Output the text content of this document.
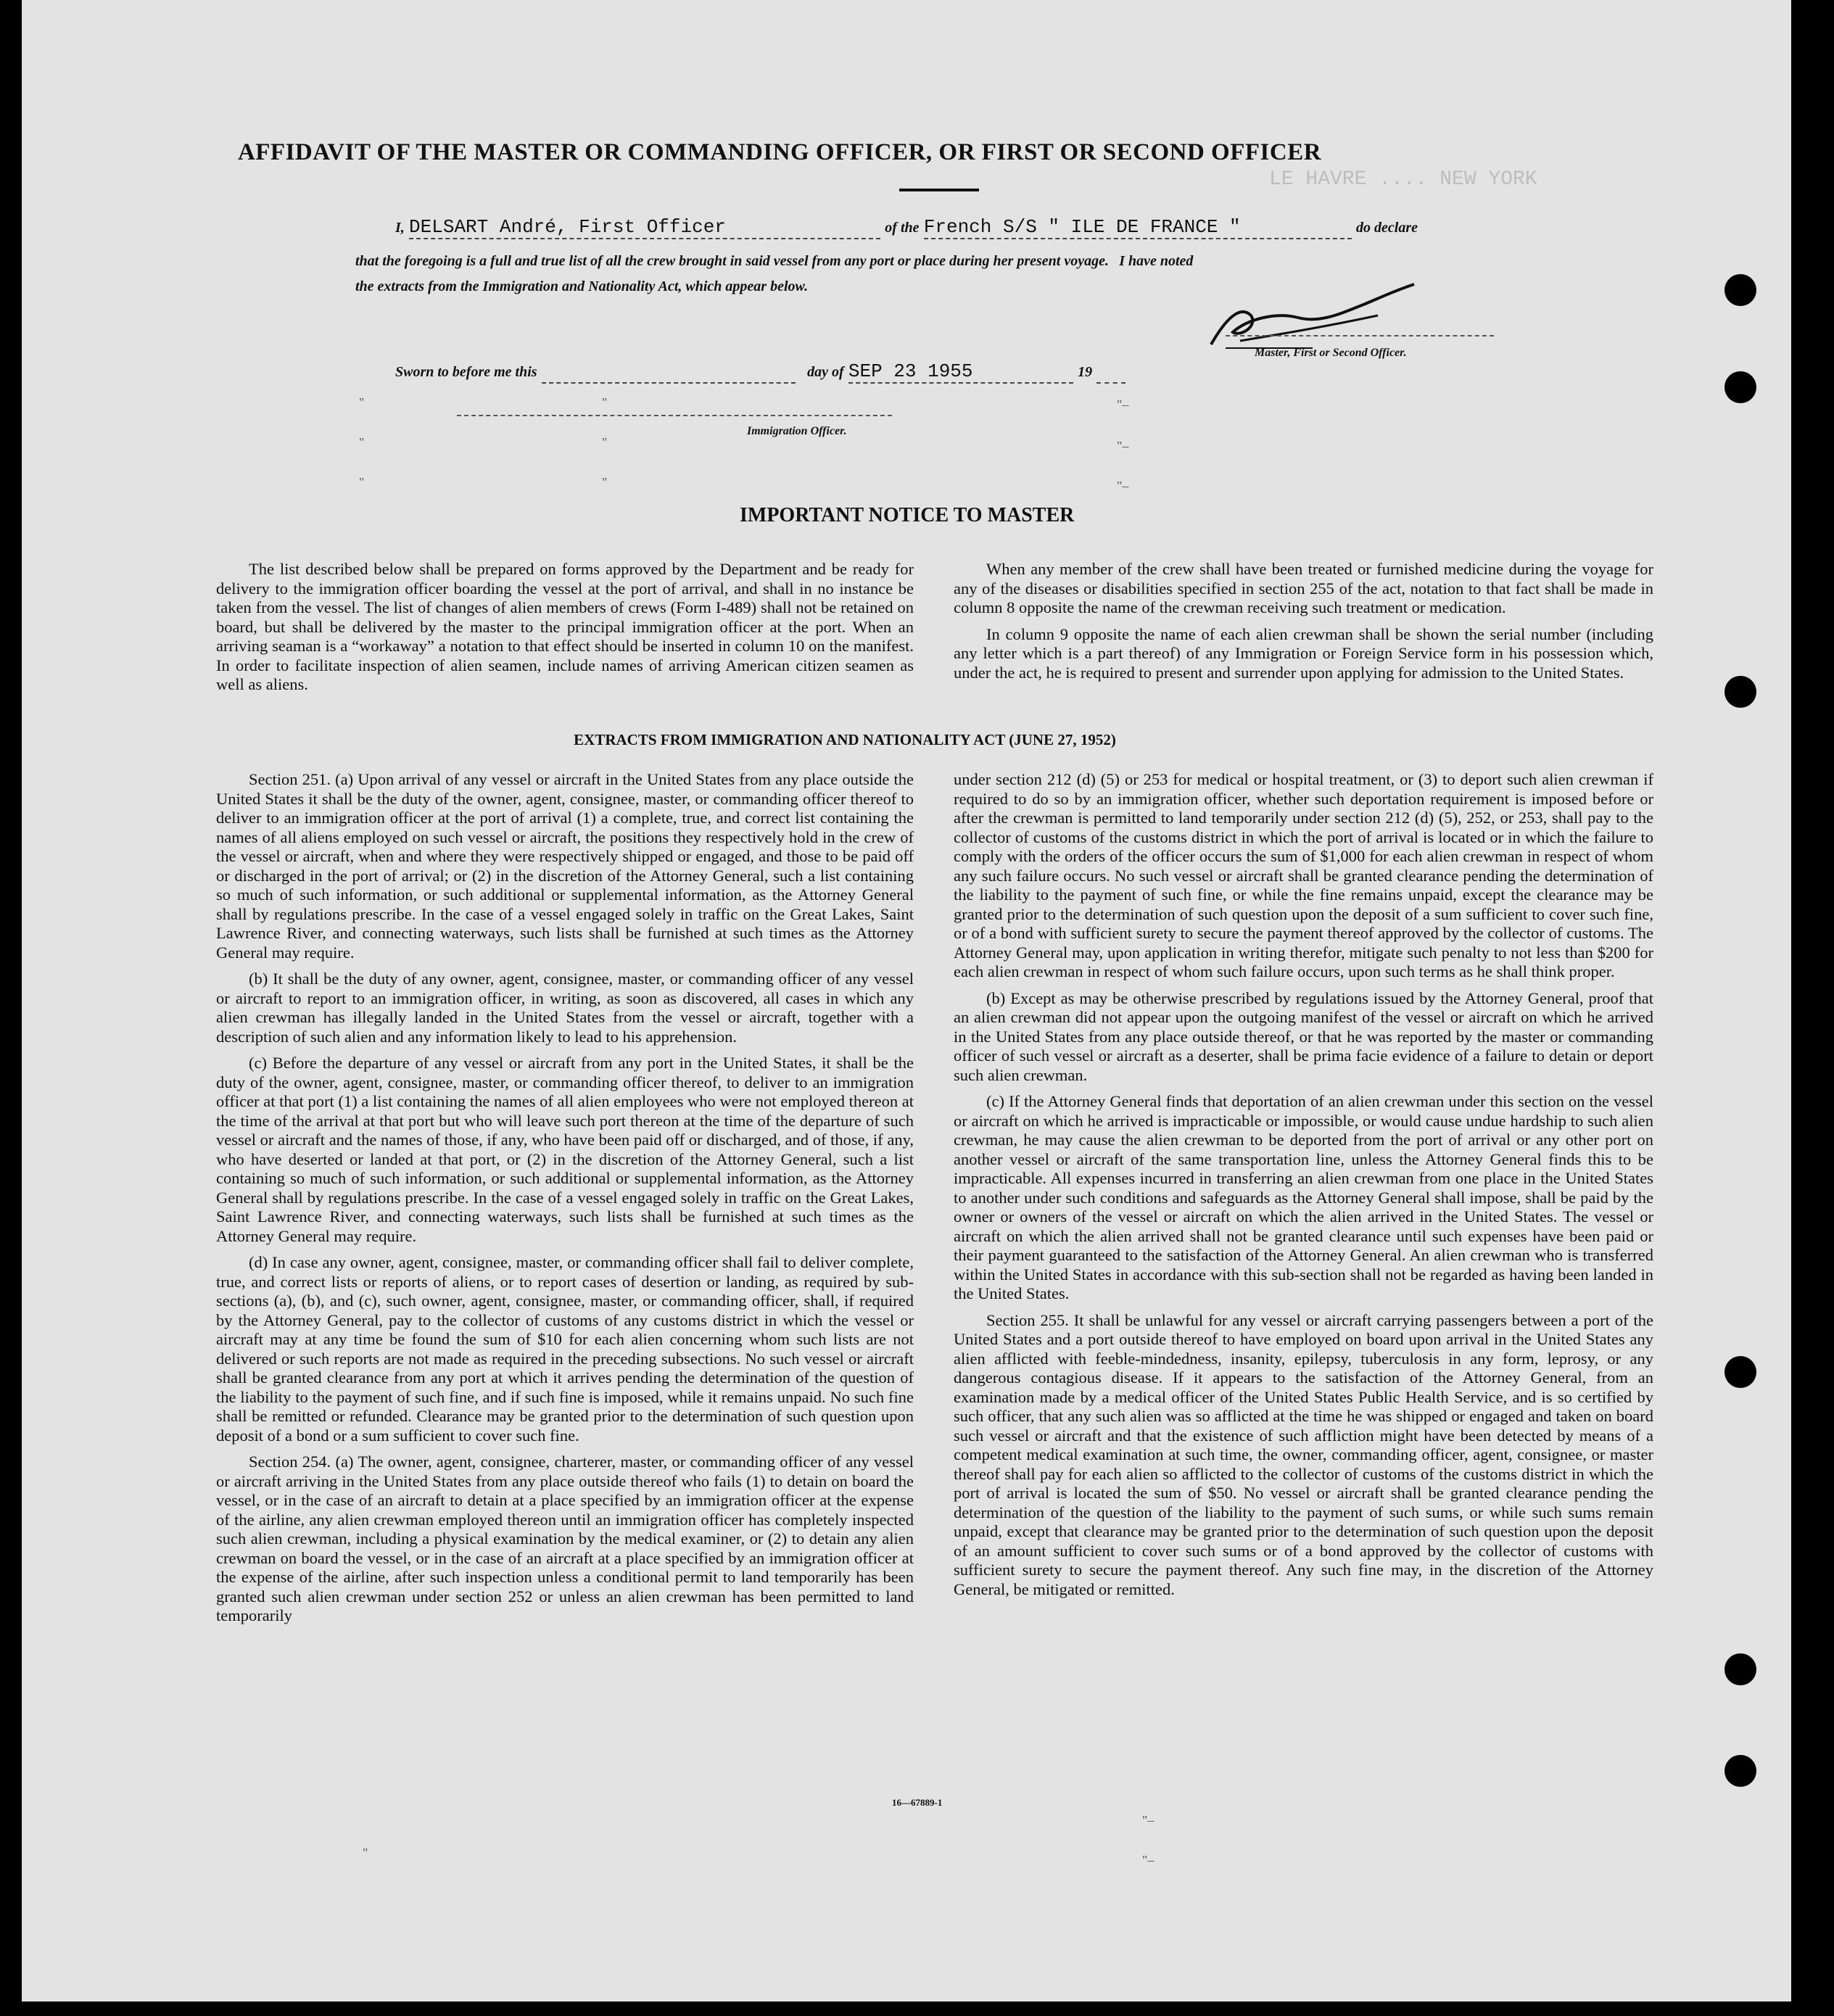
LE HAVRE .... NEW YORK
AFFIDAVIT OF THE MASTER OR COMMANDING OFFICER, OR FIRST OR SECOND OFFICER
I, DELSART André, First Officer	of the French S/S " ILE DE FRANCE "	do declare
that the foregoing is a full and true list of all the crew brought in said vessel from any port or place during her present voyage. I have noted
the extracts from the Immigration and Nationality Act, which appear below.
Master, First or Second Officer.
Sworn to before me this	day of SEP 23 1955	19
Immigration Officer.
"	"	"–
"	"	"–
"	"	"–
IMPORTANT NOTICE TO MASTER

The list described below shall be prepared on forms approved by the Department and be ready for delivery to the immigration officer boarding the vessel at the port of arrival, and shall in no instance be taken from the vessel. The list of changes of alien members of crews (Form I-489) shall not be retained on board, but shall be delivered by the master to the principal immigration officer at the port. When an arriving seaman is a “workaway” a notation to that effect should be inserted in column 10 on the manifest. In order to facilitate inspection of alien seamen, include names of arriving American citizen seamen as well as aliens.

When any member of the crew shall have been treated or furnished medicine during the voyage for any of the diseases or disabilities specified in section 255 of the act, notation to that fact shall be made in column 8 opposite the name of the crewman receiving such treatment or medication.

In column 9 opposite the name of each alien crewman shall be shown the serial number (including any letter which is a part thereof) of any Immigration or Foreign Service form in his possession which, under the act, he is required to present and surrender upon applying for admission to the United States.

EXTRACTS FROM IMMIGRATION AND NATIONALITY ACT (JUNE 27, 1952)

Section 251. (a) Upon arrival of any vessel or aircraft in the United States from any place outside the United States it shall be the duty of the owner, agent, consignee, master, or commanding officer thereof to deliver to an immigration officer at the port of arrival (1) a complete, true, and correct list containing the names of all aliens employed on such vessel or aircraft, the positions they respectively hold in the crew of the vessel or aircraft, when and where they were respectively shipped or engaged, and those to be paid off or discharged in the port of arrival; or (2) in the discretion of the Attorney General, such a list containing so much of such information, or such additional or supplemental information, as the Attorney General shall by regulations prescribe. In the case of a vessel engaged solely in traffic on the Great Lakes, Saint Lawrence River, and connecting waterways, such lists shall be furnished at such times as the Attorney General may require.

(b) It shall be the duty of any owner, agent, consignee, master, or commanding officer of any vessel or aircraft to report to an immigration officer, in writing, as soon as discovered, all cases in which any alien crewman has illegally landed in the United States from the vessel or aircraft, together with a description of such alien and any information likely to lead to his apprehension.

(c) Before the departure of any vessel or aircraft from any port in the United States, it shall be the duty of the owner, agent, consignee, master, or commanding officer thereof, to deliver to an immigration officer at that port (1) a list containing the names of all alien employees who were not employed thereon at the time of the arrival at that port but who will leave such port thereon at the time of the departure of such vessel or aircraft and the names of those, if any, who have been paid off or discharged, and of those, if any, who have deserted or landed at that port, or (2) in the discretion of the Attorney General, such a list containing so much of such information, or such additional or supplemental information, as the Attorney General shall by regulations prescribe. In the case of a vessel engaged solely in traffic on the Great Lakes, Saint Lawrence River, and connecting waterways, such lists shall be furnished at such times as the Attorney General may require.

(d) In case any owner, agent, consignee, master, or commanding officer shall fail to deliver complete, true, and correct lists or reports of aliens, or to report cases of desertion or landing, as required by sub-sections (a), (b), and (c), such owner, agent, consignee, master, or commanding officer, shall, if required by the Attorney General, pay to the collector of customs of any customs district in which the vessel or aircraft may at any time be found the sum of $10 for each alien concerning whom such lists are not delivered or such reports are not made as required in the preceding subsections. No such vessel or aircraft shall be granted clearance from any port at which it arrives pending the determination of the question of the liability to the payment of such fine, and if such fine is imposed, while it remains unpaid. No such fine shall be remitted or refunded. Clearance may be granted prior to the determination of such question upon deposit of a bond or a sum sufficient to cover such fine.

Section 254. (a) The owner, agent, consignee, charterer, master, or commanding officer of any vessel or aircraft arriving in the United States from any place outside thereof who fails (1) to detain on board the vessel, or in the case of an aircraft to detain at a place specified by an immigration officer at the expense of the airline, any alien crewman employed thereon until an immigration officer has completely inspected such alien crewman, including a physical examination by the medical examiner, or (2) to detain any alien crewman on board the vessel, or in the case of an aircraft at a place specified by an immigration officer at the expense of the airline, after such inspection unless a conditional permit to land temporarily has been granted such alien crewman under section 252 or unless an alien crewman has been permitted to land temporarily

under section 212 (d) (5) or 253 for medical or hospital treatment, or (3) to deport such alien crewman if required to do so by an immigration officer, whether such deportation requirement is imposed before or after the crewman is permitted to land temporarily under section 212 (d) (5), 252, or 253, shall pay to the collector of customs of the customs district in which the port of arrival is located or in which the failure to comply with the orders of the officer occurs the sum of $1,000 for each alien crewman in respect of whom any such failure occurs. No such vessel or aircraft shall be granted clearance pending the determination of the liability to the payment of such fine, or while the fine remains unpaid, except the clearance may be granted prior to the determination of such question upon the deposit of a sum sufficient to cover such fine, or of a bond with sufficient surety to secure the payment thereof approved by the collector of customs. The Attorney General may, upon application in writing therefor, mitigate such penalty to not less than $200 for each alien crewman in respect of whom such failure occurs, upon such terms as he shall think proper.

(b) Except as may be otherwise prescribed by regulations issued by the Attorney General, proof that an alien crewman did not appear upon the outgoing manifest of the vessel or aircraft on which he arrived in the United States from any place outside thereof, or that he was reported by the master or commanding officer of such vessel or aircraft as a deserter, shall be prima facie evidence of a failure to detain or deport such alien crewman.

(c) If the Attorney General finds that deportation of an alien crewman under this section on the vessel or aircraft on which he arrived is impracticable or impossible, or would cause undue hardship to such alien crewman, he may cause the alien crewman to be deported from the port of arrival or any other port on another vessel or aircraft of the same transportation line, unless the Attorney General finds this to be impracticable. All expenses incurred in transferring an alien crewman from one place in the United States to another under such conditions and safeguards as the Attorney General shall impose, shall be paid by the owner or owners of the vessel or aircraft on which the alien arrived in the United States. The vessel or aircraft on which the alien arrived shall not be granted clearance until such expenses have been paid or their payment guaranteed to the satisfaction of the Attorney General. An alien crewman who is transferred within the United States in accordance with this sub-section shall not be regarded as having been landed in the United States.

Section 255. It shall be unlawful for any vessel or aircraft carrying passengers between a port of the United States and a port outside thereof to have employed on board upon arrival in the United States any alien afflicted with feeble-mindedness, insanity, epilepsy, tuberculosis in any form, leprosy, or any dangerous contagious disease. If it appears to the satisfaction of the Attorney General, from an examination made by a medical officer of the United States Public Health Service, and is so certified by such officer, that any such alien was so afflicted at the time he was shipped or engaged and taken on board such vessel or aircraft and that the existence of such affliction might have been detected by means of a competent medical examination at such time, the owner, commanding officer, agent, consignee, or master thereof shall pay for each alien so afflicted to the collector of customs of the customs district in which the port of arrival is located the sum of $50. No vessel or aircraft shall be granted clearance pending the determination of the question of the liability to the payment of such sums, or while such sums remain unpaid, except that clearance may be granted prior to the determination of such question upon the deposit of an amount sufficient to cover such sums or of a bond approved by the collector of customs with sufficient surety to secure the payment thereof. Any such fine may, in the discretion of the Attorney General, be mitigated or remitted.

16—67889-1
"–
"	"–
